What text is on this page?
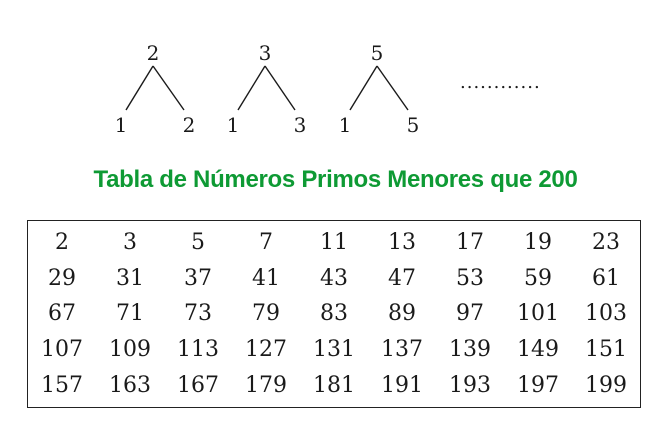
2
1	2
3
1	3
5
1	5
............
Tabla de Números Primos Menores que 200
2	3	5	7	11	13	17	19	23
29	31	37	41	43	47	53	59	61
67	71	73	79	83	89	97	101	103
107	109	113	127	131	137	139	149	151
157	163	167	179	181	191	193	197	199
